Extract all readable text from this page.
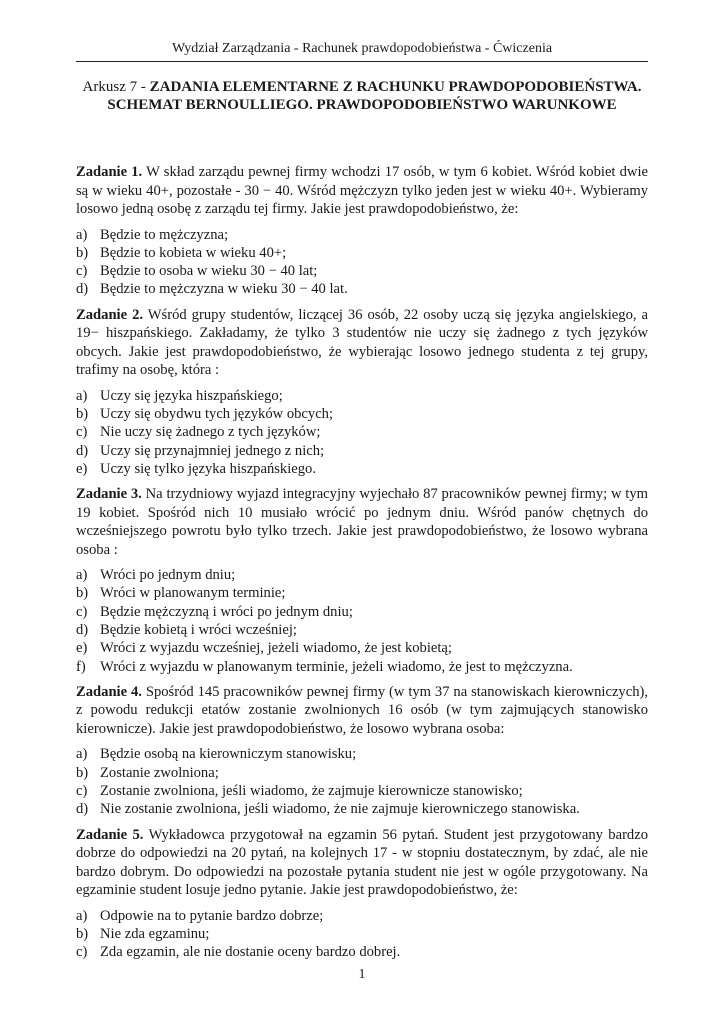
Wydział Zarządzania - Rachunek prawdopodobieństwa - Ćwiczenia
Arkusz 7 - ZADANIA ELEMENTARNE Z RACHUNKU PRAWDOPODOBIEŃSTWA. SCHEMAT BERNOULLIEGO. PRAWDOPODOBIEŃSTWO WARUNKOWE

Zadanie 1. W skład zarządu pewnej firmy wchodzi 17 osób, w tym 6 kobiet. Wśród kobiet dwie są w wieku 40+, pozostałe - 30 − 40. Wśród mężczyzn tylko jeden jest w wieku 40+. Wybieramy losowo jedną osobę z zarządu tej firmy. Jakie jest prawdopodobieństwo, że:

a) Będzie to mężczyzna;
b) Będzie to kobieta w wieku 40+;
c) Będzie to osoba w wieku 30 − 40 lat;
d) Będzie to mężczyzna w wieku 30 − 40 lat.

Zadanie 2. Wśród grupy studentów, liczącej 36 osób, 22 osoby uczą się języka angielskiego, a 19− hiszpańskiego. Zakładamy, że tylko 3 studentów nie uczy się żadnego z tych języków obcych. Jakie jest prawdopodobieństwo, że wybierając losowo jednego studenta z tej grupy, trafimy na osobę, która :

a) Uczy się języka hiszpańskiego;
b) Uczy się obydwu tych języków obcych;
c) Nie uczy się żadnego z tych języków;
d) Uczy się przynajmniej jednego z nich;
e) Uczy się tylko języka hiszpańskiego.

Zadanie 3. Na trzydniowy wyjazd integracyjny wyjechało 87 pracowników pewnej firmy; w tym 19 kobiet. Spośród nich 10 musiało wrócić po jednym dniu. Wśród panów chętnych do wcześniejszego powrotu było tylko trzech. Jakie jest prawdopodobieństwo, że losowo wybrana osoba :

a) Wróci po jednym dniu;
b) Wróci w planowanym terminie;
c) Będzie mężczyzną i wróci po jednym dniu;
d) Będzie kobietą i wróci wcześniej;
e) Wróci z wyjazdu wcześniej, jeżeli wiadomo, że jest kobietą;
f) Wróci z wyjazdu w planowanym terminie, jeżeli wiadomo, że jest to mężczyzna.

Zadanie 4. Spośród 145 pracowników pewnej firmy (w tym 37 na stanowiskach kierowniczych), z powodu redukcji etatów zostanie zwolnionych 16 osób (w tym zajmujących stanowisko kierownicze). Jakie jest prawdopodobieństwo, że losowo wybrana osoba:

a) Będzie osobą na kierowniczym stanowisku;
b) Zostanie zwolniona;
c) Zostanie zwolniona, jeśli wiadomo, że zajmuje kierownicze stanowisko;
d) Nie zostanie zwolniona, jeśli wiadomo, że nie zajmuje kierowniczego stanowiska.

Zadanie 5. Wykładowca przygotował na egzamin 56 pytań. Student jest przygotowany bardzo dobrze do odpowiedzi na 20 pytań, na kolejnych 17 - w stopniu dostatecznym, by zdać, ale nie bardzo dobrym. Do odpowiedzi na pozostałe pytania student nie jest w ogóle przygotowany. Na egzaminie student losuje jedno pytanie. Jakie jest prawdopodobieństwo, że:

a) Odpowie na to pytanie bardzo dobrze;
b) Nie zda egzaminu;
c) Zda egzamin, ale nie dostanie oceny bardzo dobrej.
1
